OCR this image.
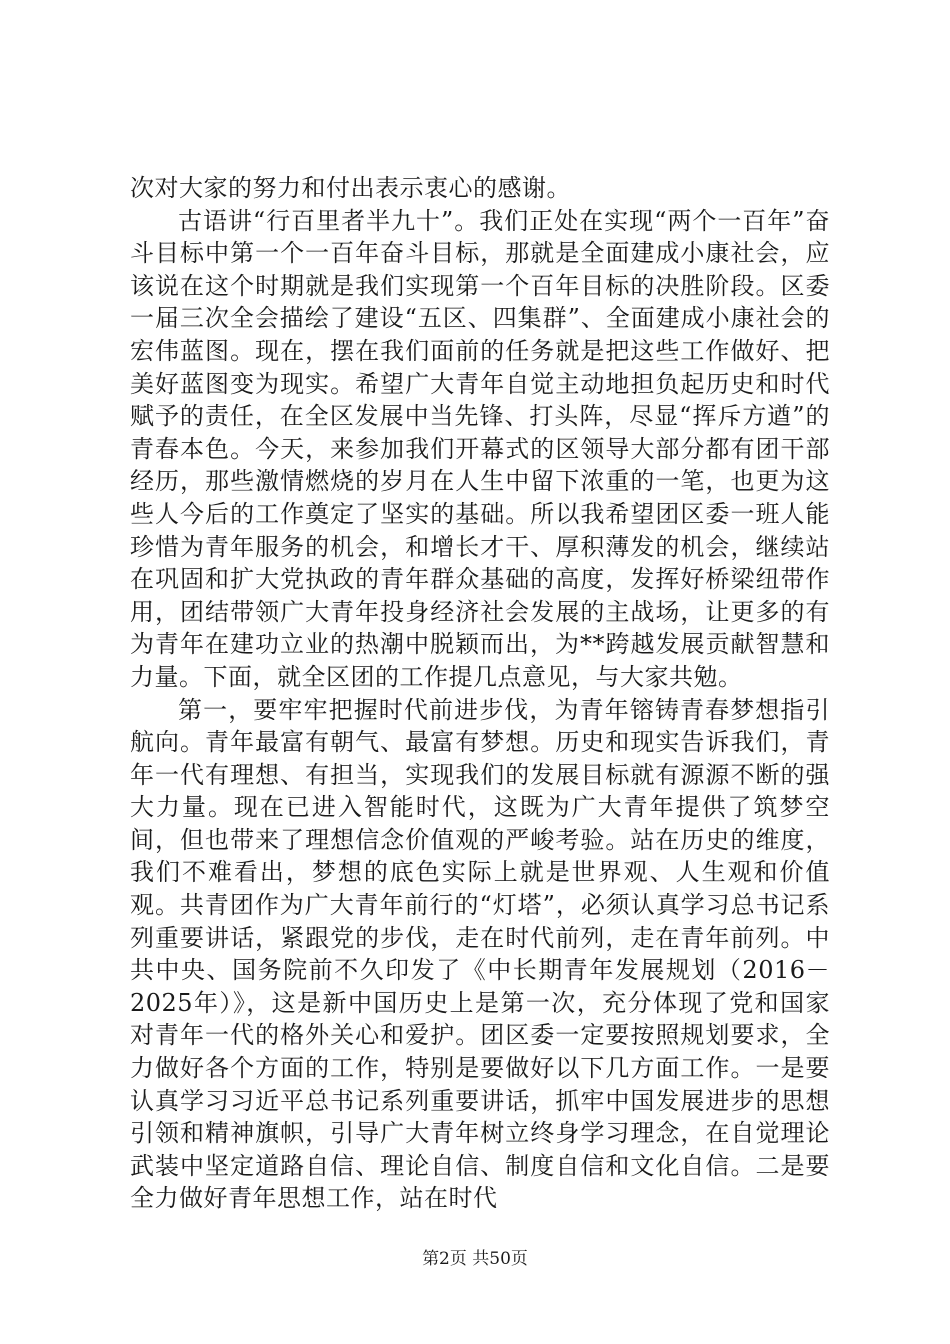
次对大家的努力和付出表示衷心的感谢。

古语讲“行百里者半九十”。我们正处在实现“两个一百年”奋斗目标中第一个一百年奋斗目标，那就是全面建成小康社会，应该说在这个时期就是我们实现第一个百年目标的决胜阶段。区委一届三次全会描绘了建设“五区、四集群”、全面建成小康社会的宏伟蓝图。现在，摆在我们面前的任务就是把这些工作做好、把美好蓝图变为现实。希望广大青年自觉主动地担负起历史和时代赋予的责任，在全区发展中当先锋、打头阵，尽显“挥斥方遒”的青春本色。今天，来参加我们开幕式的区领导大部分都有团干部经历，那些激情燃烧的岁月在人生中留下浓重的一笔，也更为这些人今后的工作奠定了坚实的基础。所以我希望团区委一班人能珍惜为青年服务的机会，和增长才干、厚积薄发的机会，继续站在巩固和扩大党执政的青年群众基础的高度，发挥好桥梁纽带作用，团结带领广大青年投身经济社会发展的主战场，让更多的有为青年在建功立业的热潮中脱颖而出，为**跨越发展贡献智慧和力量。下面，就全区团的工作提几点意见，与大家共勉。

第一，要牢牢把握时代前进步伐，为青年镕铸青春梦想指引航向。青年最富有朝气、最富有梦想。历史和现实告诉我们，青年一代有理想、有担当，实现我们的发展目标就有源源不断的强大力量。现在已进入智能时代，这既为广大青年提供了筑梦空间，但也带来了理想信念价值观的严峻考验。站在历史的维度，我们不难看出，梦想的底色实际上就是世界观、人生观和价值观。共青团作为广大青年前行的“灯塔”，必须认真学习总书记系列重要讲话，紧跟党的步伐，走在时代前列，走在青年前列。中共中央、国务院前不久印发了《中长期青年发展规划（2016－2025年）》，这是新中国历史上是第一次，充分体现了党和国家对青年一代的格外关心和爱护。团区委一定要按照规划要求，全力做好各个方面的工作，特别是要做好以下几方面工作。一是要认真学习习近平总书记系列重要讲话，抓牢中国发展进步的思想引领和精神旗帜，引导广大青年树立终身学习理念，在自觉理论武装中坚定道路自信、理论自信、制度自信和文化自信。二是要全力做好青年思想工作，站在时代

第2页 共50页
